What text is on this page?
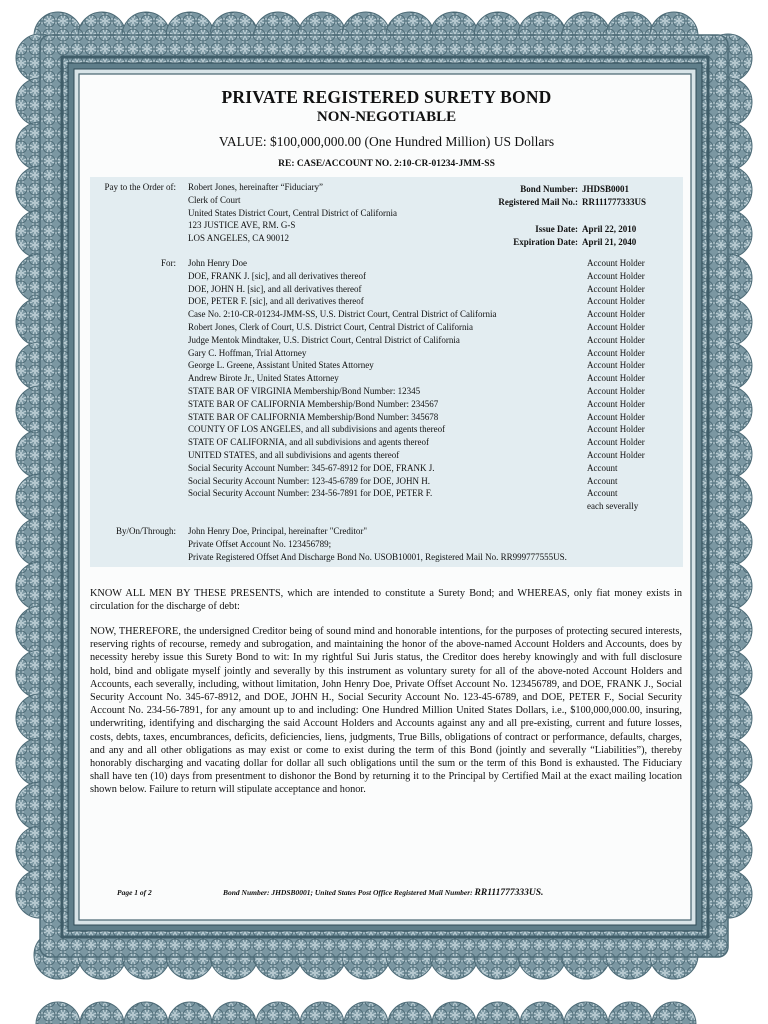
PRIVATE REGISTERED SURETY BOND
NON-NEGOTIABLE
VALUE: $100,000,000.00 (One Hundred Million) US Dollars
RE: CASE/ACCOUNT NO. 2:10-CR-01234-JMM-SS
Pay to the Order of: Robert Jones, hereinafter “Fiduciary”
Clerk of Court
United States District Court, Central District of California
123 JUSTICE AVE, RM. G-S
LOS ANGELES, CA 90012
Bond Number: JHDSB0001
Registered Mail No.: RR111777333US
Issue Date: April 22, 2010
Expiration Date: April 21, 2040
For: John Henry Doe
DOE, FRANK J. [sic], and all derivatives thereof
DOE, JOHN H. [sic], and all derivatives thereof
DOE, PETER F. [sic], and all derivatives thereof
Case No. 2:10-CR-01234-JMM-SS, U.S. District Court, Central District of California
Robert Jones, Clerk of Court, U.S. District Court, Central District of California
Judge Mentok Mindtaker, U.S. District Court, Central District of California
Gary C. Hoffman, Trial Attorney
George L. Greene, Assistant United States Attorney
Andrew Birote Jr., United States Attorney
STATE BAR OF VIRGINIA Membership/Bond Number: 12345
STATE BAR OF CALIFORNIA Membership/Bond Number: 234567
STATE BAR OF CALIFORNIA Membership/Bond Number: 345678
COUNTY OF LOS ANGELES, and all subdivisions and agents thereof
STATE OF CALIFORNIA, and all subdivisions and agents thereof
UNITED STATES, and all subdivisions and agents thereof
Social Security Account Number: 345-67-8912 for DOE, FRANK J.
Social Security Account Number: 123-45-6789 for DOE, JOHN H.
Social Security Account Number: 234-56-7891 for DOE, PETER F.
Account Holder
Account Holder
Account Holder
Account Holder
Account Holder
Account Holder
Account Holder
Account Holder
Account Holder
Account Holder
Account Holder
Account Holder
Account Holder
Account Holder
Account Holder
Account Holder
Account
Account
Account
each severally
By/On/Through: John Henry Doe, Principal, hereinafter "Creditor"
Private Offset Account No. 123456789;
Private Registered Offset And Discharge Bond No. USOB10001, Registered Mail No. RR999777555US.
KNOW ALL MEN BY THESE PRESENTS, which are intended to constitute a Surety Bond; and WHEREAS, only fiat money exists in circulation for the discharge of debt:
NOW, THEREFORE, the undersigned Creditor being of sound mind and honorable intentions, for the purposes of protecting secured interests, reserving rights of recourse, remedy and subrogation, and maintaining the honor of the above-named Account Holders and Accounts, does by necessity hereby issue this Surety Bond to wit: In my rightful Sui Juris status, the Creditor does hereby knowingly and with full disclosure hold, bind and obligate myself jointly and severally by this instrument as voluntary surety for all of the above-noted Account Holders and Accounts, each severally, including, without limitation, John Henry Doe, Private Offset Account No. 123456789, and DOE, FRANK J., Social Security Account No. 345-67-8912, and DOE, JOHN H., Social Security Account No. 123-45-6789, and DOE, PETER F., Social Security Account No. 234-56-7891, for any amount up to and including: One Hundred Million United States Dollars, i.e., $100,000,000.00, insuring, underwriting, identifying and discharging the said Account Holders and Accounts against any and all pre-existing, current and future losses, costs, debts, taxes, encumbrances, deficits, deficiencies, liens, judgments, True Bills, obligations of contract or performance, defaults, charges, and any and all other obligations as may exist or come to exist during the term of this Bond (jointly and severally “Liabilities”), thereby honorably discharging and vacating dollar for dollar all such obligations until the sum or the term of this Bond is exhausted. The Fiduciary shall have ten (10) days from presentment to dishonor the Bond by returning it to the Principal by Certified Mail at the exact mailing location shown below. Failure to return will stipulate acceptance and honor.
Page 1 of 2	Bond Number: JHDSB0001; United States Post Office Registered Mail Number: RR111777333US.
